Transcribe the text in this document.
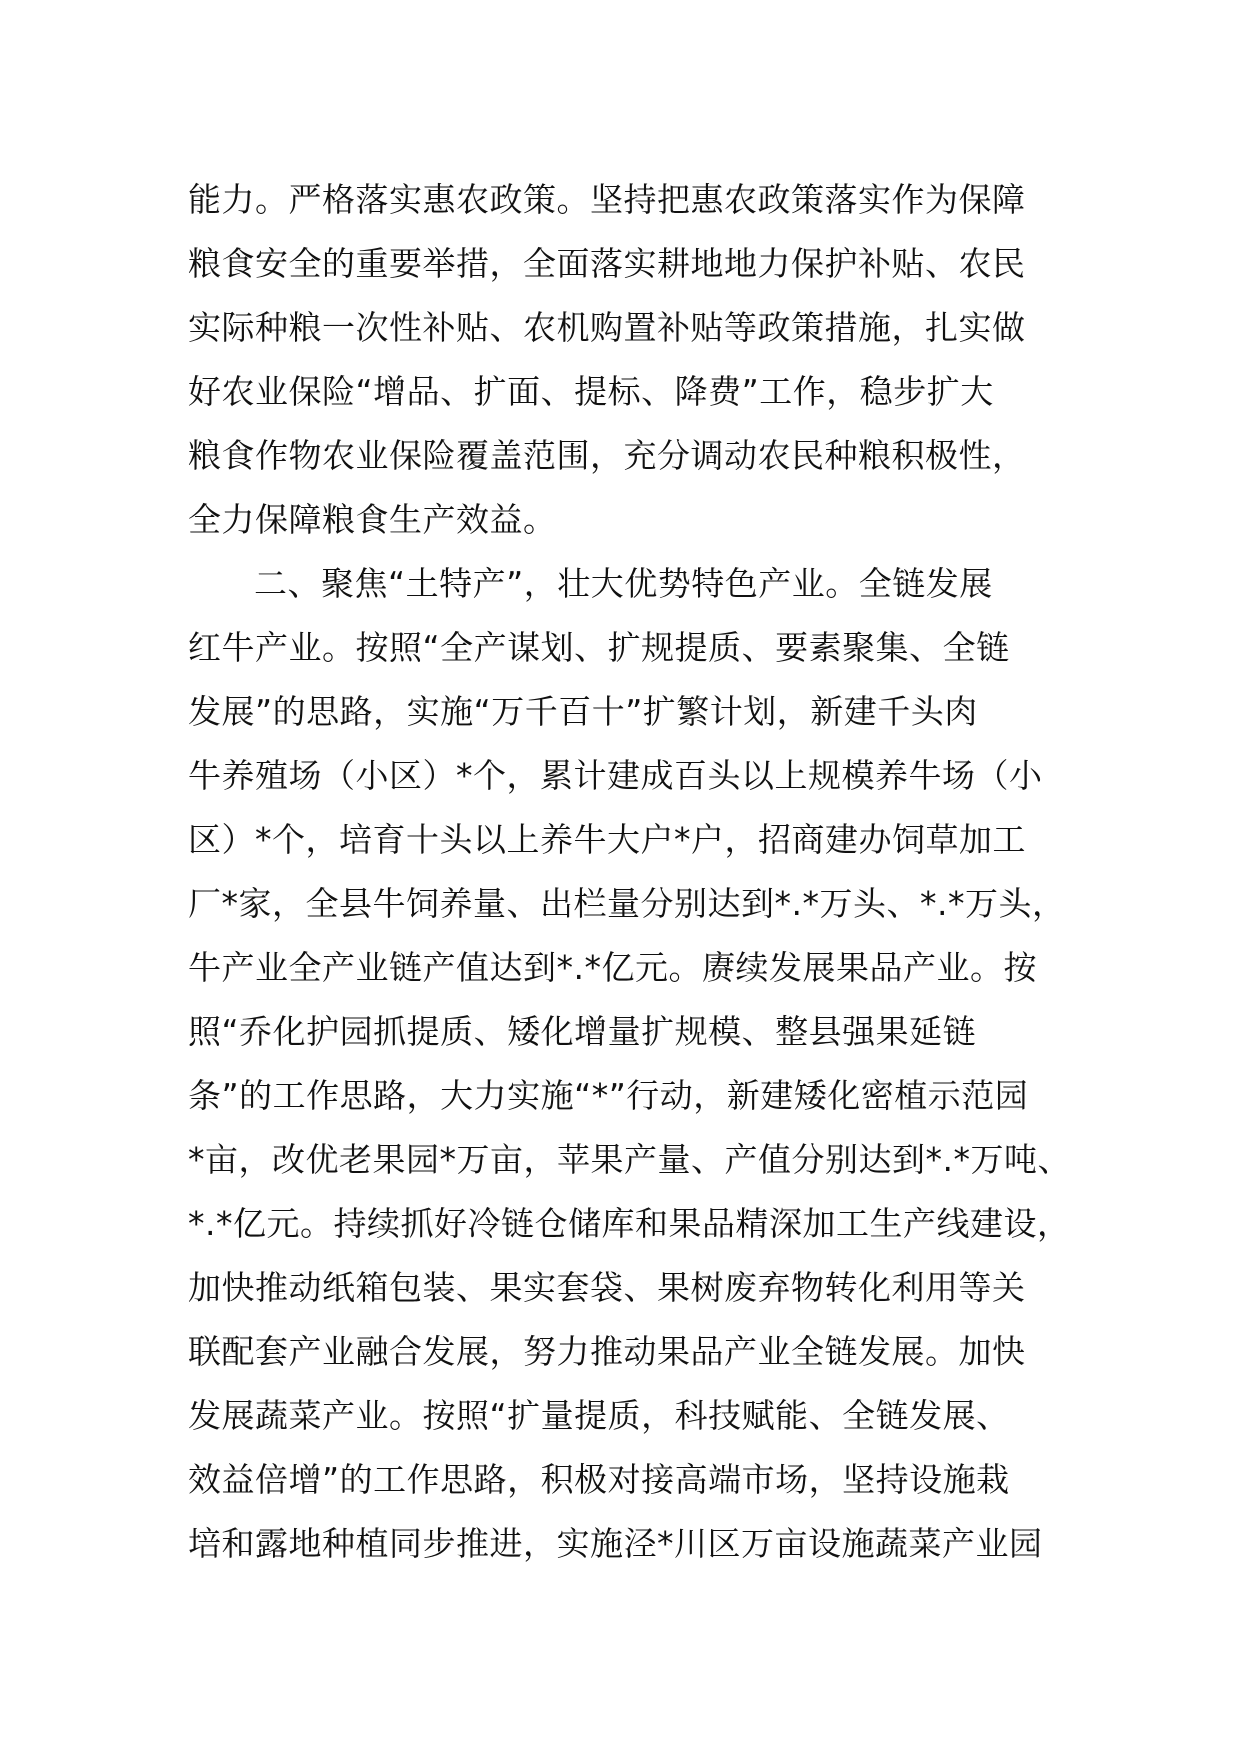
能力。严格落实惠农政策。坚持把惠农政策落实作为保障
粮食安全的重要举措，全面落实耕地地力保护补贴、农民
实际种粮一次性补贴、农机购置补贴等政策措施，扎实做
好农业保险“增品、扩面、提标、降费”工作，稳步扩大
粮食作物农业保险覆盖范围，充分调动农民种粮积极性，
全力保障粮食生产效益。
二、聚焦“土特产”，壮大优势特色产业。全链发展
红牛产业。按照“全产谋划、扩规提质、要素聚集、全链
发展”的思路，实施“万千百十”扩繁计划，新建千头肉
牛养殖场（小区）*个，累计建成百头以上规模养牛场（小
区）*个，培育十头以上养牛大户*户，招商建办饲草加工
厂*家，全县牛饲养量、出栏量分别达到*.*万头、*.*万头，
牛产业全产业链产值达到*.*亿元。赓续发展果品产业。按
照“乔化护园抓提质、矮化增量扩规模、整县强果延链
条”的工作思路，大力实施“*”行动，新建矮化密植示范园
*亩，改优老果园*万亩，苹果产量、产值分别达到*.*万吨、
*.*亿元。持续抓好冷链仓储库和果品精深加工生产线建设，
加快推动纸箱包装、果实套袋、果树废弃物转化利用等关
联配套产业融合发展，努力推动果品产业全链发展。加快
发展蔬菜产业。按照“扩量提质，科技赋能、全链发展、
效益倍增”的工作思路，积极对接高端市场，坚持设施栽
培和露地种植同步推进，实施泾*川区万亩设施蔬菜产业园
